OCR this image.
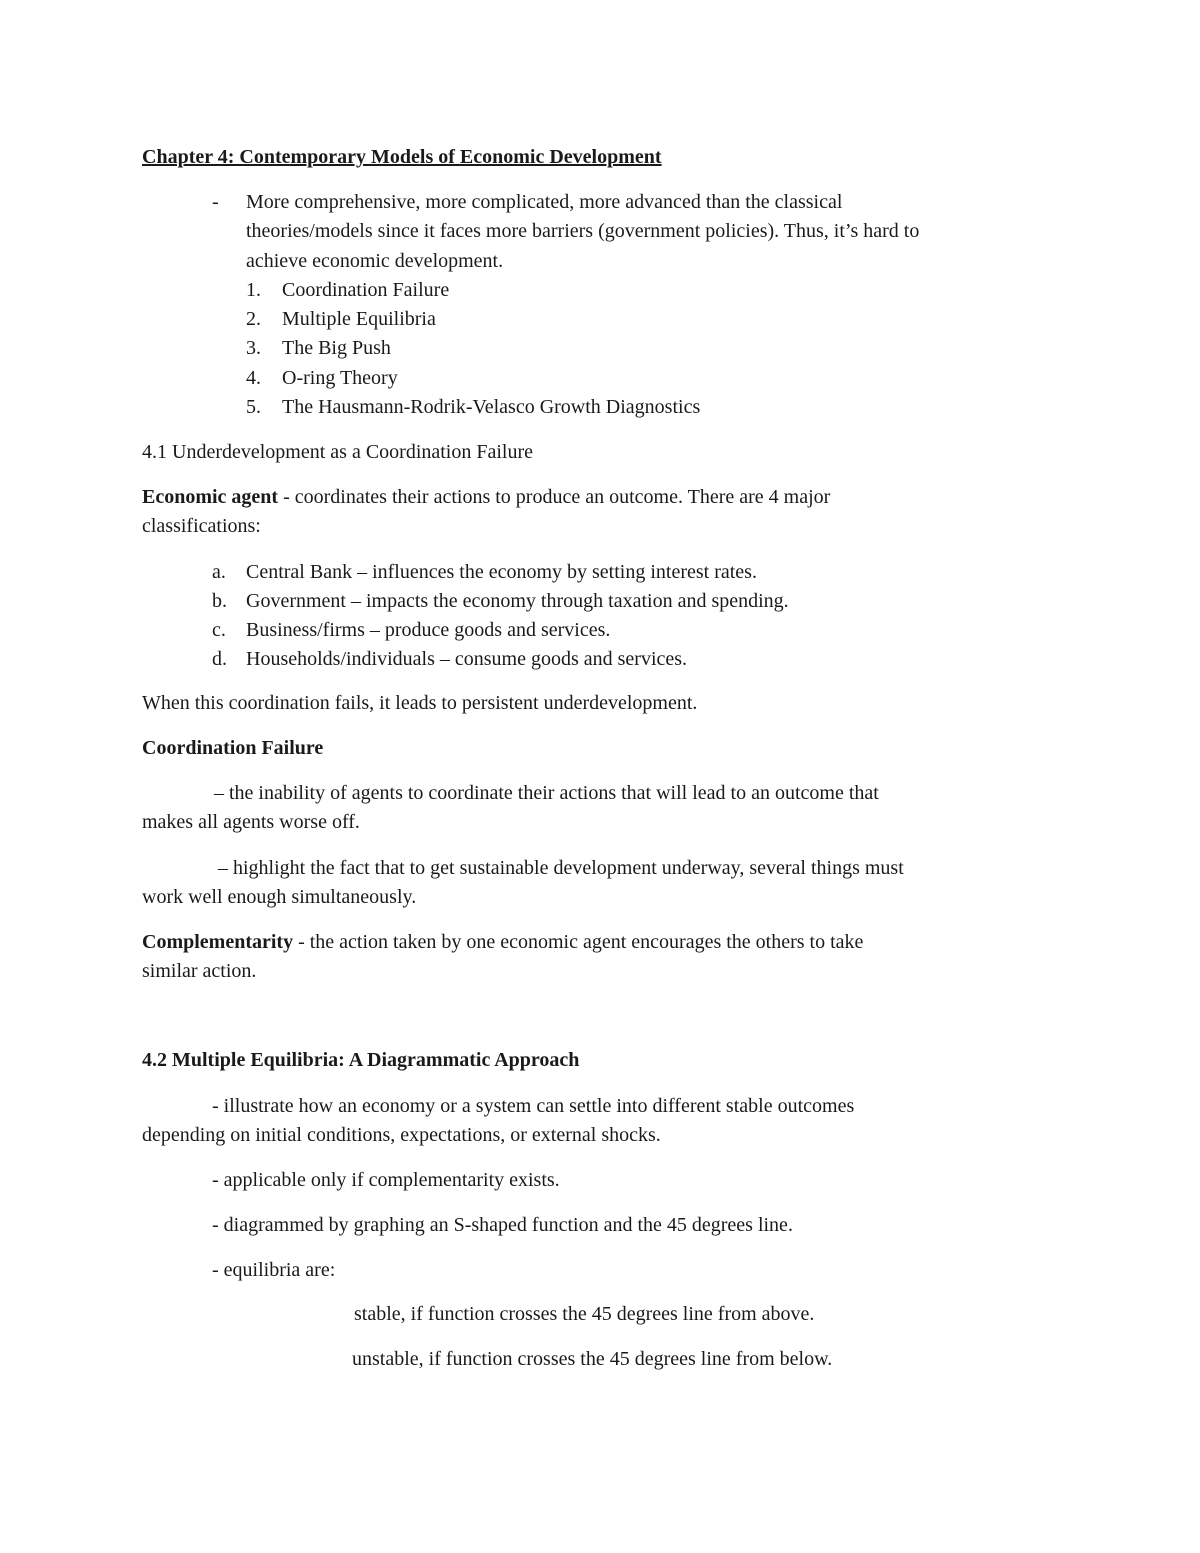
Chapter 4: Contemporary Models of Economic Development
- More comprehensive, more complicated, more advanced than the classical
theories/models since it faces more barriers (government policies). Thus, it’s hard to
achieve economic development.
1. Coordination Failure
2. Multiple Equilibria
3. The Big Push
4. O-ring Theory
5. The Hausmann-Rodrik-Velasco Growth Diagnostics
4.1 Underdevelopment as a Coordination Failure
Economic agent - coordinates their actions to produce an outcome. There are 4 major
classifications:
a. Central Bank – influences the economy by setting interest rates.
b. Government – impacts the economy through taxation and spending.
c. Business/firms – produce goods and services.
d. Households/individuals – consume goods and services.
When this coordination fails, it leads to persistent underdevelopment.
Coordination Failure
– the inability of agents to coordinate their actions that will lead to an outcome that
makes all agents worse off.
– highlight the fact that to get sustainable development underway, several things must
work well enough simultaneously.
Complementarity - the action taken by one economic agent encourages the others to take
similar action.
4.2 Multiple Equilibria: A Diagrammatic Approach
- illustrate how an economy or a system can settle into different stable outcomes
depending on initial conditions, expectations, or external shocks.
- applicable only if complementarity exists.
- diagrammed by graphing an S-shaped function and the 45 degrees line.
- equilibria are:
stable, if function crosses the 45 degrees line from above.
unstable, if function crosses the 45 degrees line from below.
